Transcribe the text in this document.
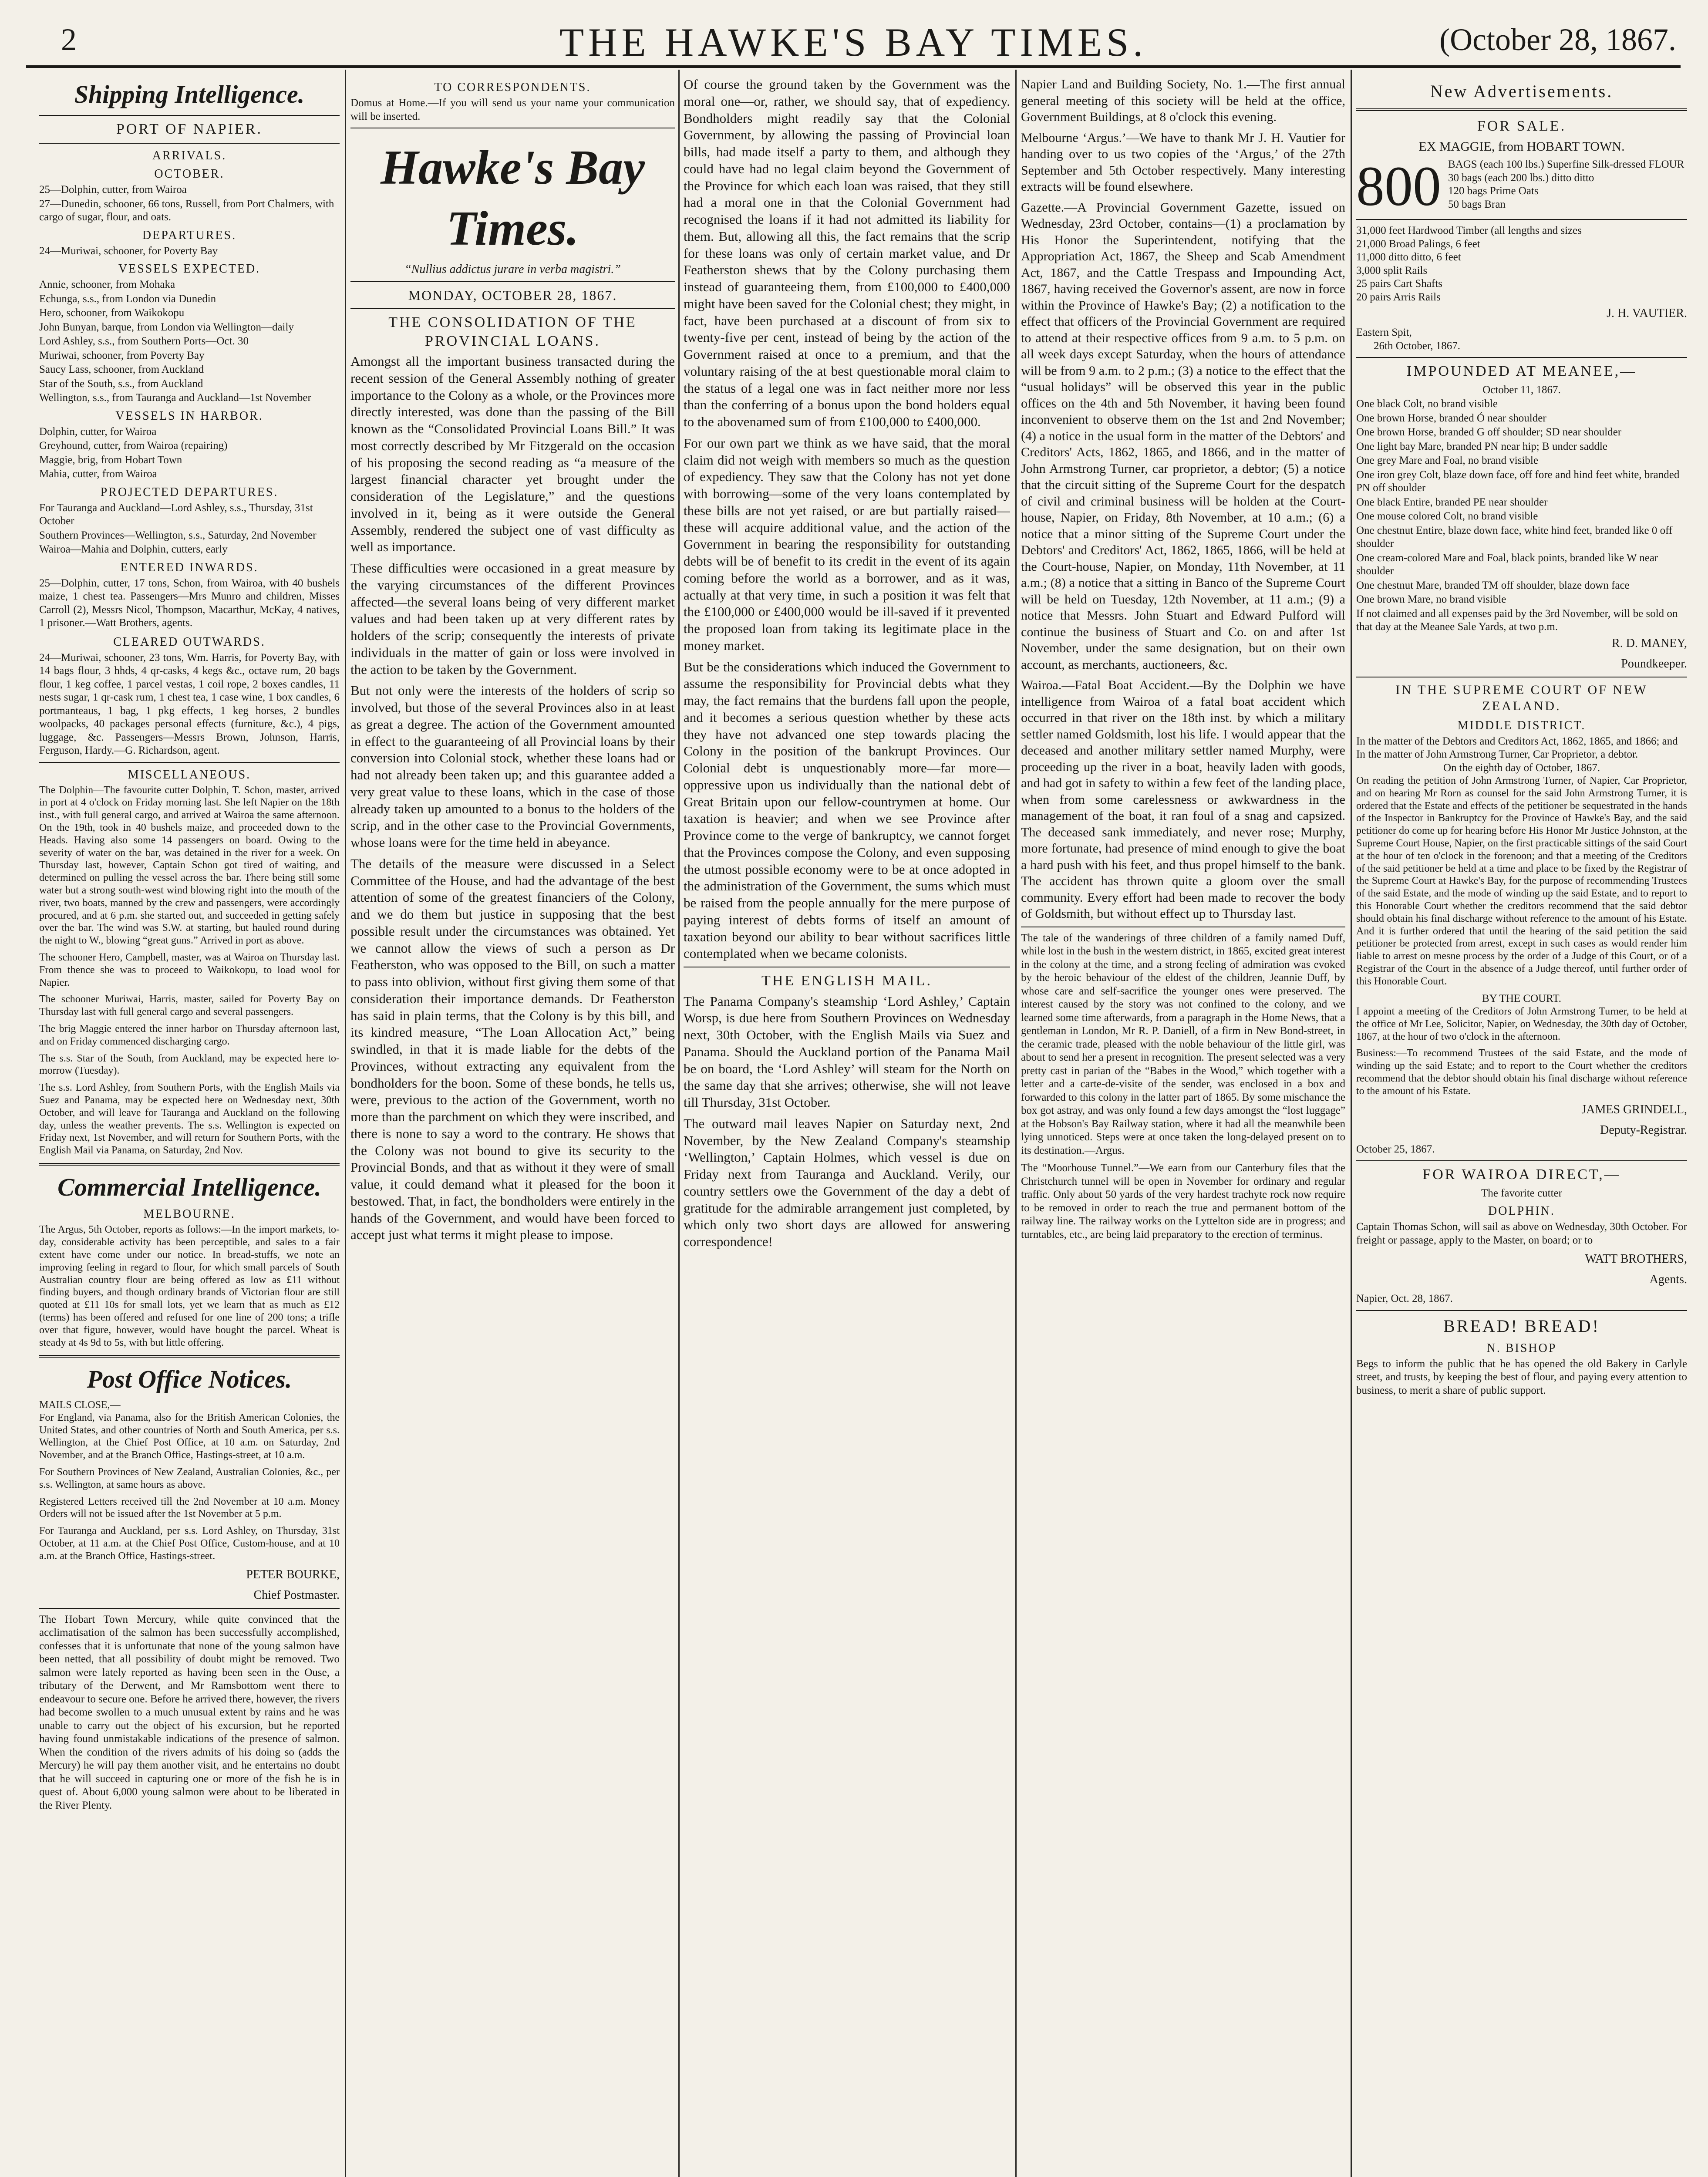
2	THE HAWKE'S BAY TIMES.	(October 28, 1867.
Shipping Intelligence.
PORT OF NAPIER.
ARRIVALS.
OCTOBER.
25—Dolphin, cutter, from Wairoa
27—Dunedin, schooner, 66 tons, Russell, from Port Chalmers, with cargo of sugar, flour, and oats.
DEPARTURES.
24—Muriwai, schooner, for Poverty Bay
VESSELS EXPECTED.
Annie, schooner, from Mohaka
Echunga, s.s., from London via Dunedin
Hero, schooner, from Waikokopu
John Bunyan, barque, from London via Wellington—daily
Lord Ashley, s.s., from Southern Ports—Oct. 30
Muriwai, schooner, from Poverty Bay
Saucy Lass, schooner, from Auckland
Star of the South, s.s., from Auckland
Wellington, s.s., from Tauranga and Auckland—1st November
VESSELS IN HARBOR.
Dolphin, cutter, for Wairoa
Greyhound, cutter, from Wairoa (repairing)
Maggie, brig, from Hobart Town
Mahia, cutter, from Wairoa
PROJECTED DEPARTURES.
For Tauranga and Auckland—Lord Ashley, s.s., Thursday, 31st October
Southern Provinces—Wellington, s.s., Saturday, 2nd November
Wairoa—Mahia and Dolphin, cutters, early
ENTERED INWARDS.

25—Dolphin, cutter, 17 tons, Schon, from Wairoa, with 40 bushels maize, 1 chest tea. Passengers—Mrs Munro and children, Misses Carroll (2), Messrs Nicol, Thompson, Macarthur, McKay, 4 natives, 1 prisoner.—Watt Brothers, agents.

CLEARED OUTWARDS.

24—Muriwai, schooner, 23 tons, Wm. Harris, for Poverty Bay, with 14 bags flour, 3 hhds, 4 qr-casks, 4 kegs &c., octave rum, 20 bags flour, 1 keg coffee, 1 parcel vestas, 1 coil rope, 2 boxes candles, 11 nests sugar, 1 qr-cask rum, 1 chest tea, 1 case wine, 1 box candles, 6 portmanteaus, 1 bag, 1 pkg effects, 1 keg horses, 2 bundles woolpacks, 40 packages personal effects (furniture, &c.), 4 pigs, luggage, &c. Passengers—Messrs Brown, Johnson, Harris, Ferguson, Hardy.—G. Richardson, agent.

MISCELLANEOUS.

The Dolphin—The favourite cutter Dolphin, T. Schon, master, arrived in port at 4 o'clock on Friday morning last. She left Napier on the 18th inst., with full general cargo, and arrived at Wairoa the same afternoon. On the 19th, took in 40 bushels maize, and proceeded down to the Heads. Having also some 14 passengers on board. Owing to the severity of water on the bar, was detained in the river for a week. On Thursday last, however, Captain Schon got tired of waiting, and determined on pulling the vessel across the bar. There being still some water but a strong south-west wind blowing right into the mouth of the river, two boats, manned by the crew and passengers, were accordingly procured, and at 6 p.m. she started out, and succeeded in getting safely over the bar. The wind was S.W. at starting, but hauled round during the night to W., blowing “great guns.” Arrived in port as above.

The schooner Hero, Campbell, master, was at Wairoa on Thursday last. From thence she was to proceed to Waikokopu, to load wool for Napier.

The schooner Muriwai, Harris, master, sailed for Poverty Bay on Thursday last with full general cargo and several passengers.

The brig Maggie entered the inner harbor on Thursday afternoon last, and on Friday commenced discharging cargo.

The s.s. Star of the South, from Auckland, may be expected here to-morrow (Tuesday).

The s.s. Lord Ashley, from Southern Ports, with the English Mails via Suez and Panama, may be expected here on Wednesday next, 30th October, and will leave for Tauranga and Auckland on the following day, unless the weather prevents. The s.s. Wellington is expected on Friday next, 1st November, and will return for Southern Ports, with the English Mail via Panama, on Saturday, 2nd Nov.

Commercial Intelligence.
MELBOURNE.

The Argus, 5th October, reports as follows:—In the import markets, to-day, considerable activity has been perceptible, and sales to a fair extent have come under our notice. In bread-stuffs, we note an improving feeling in regard to flour, for which small parcels of South Australian country flour are being offered as low as £11 without finding buyers, and though ordinary brands of Victorian flour are still quoted at £11 10s for small lots, yet we learn that as much as £12 (terms) has been offered and refused for one line of 200 tons; a trifle over that figure, however, would have bought the parcel. Wheat is steady at 4s 9d to 5s, with but little offering.

Post Office Notices.
MAILS CLOSE,—

For England, via Panama, also for the British American Colonies, the United States, and other countries of North and South America, per s.s. Wellington, at the Chief Post Office, at 10 a.m. on Saturday, 2nd November, and at the Branch Office, Hastings-street, at 10 a.m.

For Southern Provinces of New Zealand, Australian Colonies, &c., per s.s. Wellington, at same hours as above.

Registered Letters received till the 2nd November at 10 a.m. Money Orders will not be issued after the 1st November at 5 p.m.

For Tauranga and Auckland, per s.s. Lord Ashley, on Thursday, 31st October, at 11 a.m. at the Chief Post Office, Custom-house, and at 10 a.m. at the Branch Office, Hastings-street.

PETER BOURKE,
Chief Postmaster.

The Hobart Town Mercury, while quite convinced that the acclimatisation of the salmon has been successfully accomplished, confesses that it is unfortunate that none of the young salmon have been netted, that all possibility of doubt might be removed. Two salmon were lately reported as having been seen in the Ouse, a tributary of the Derwent, and Mr Ramsbottom went there to endeavour to secure one. Before he arrived there, however, the rivers had become swollen to a much unusual extent by rains and he was unable to carry out the object of his excursion, but he reported having found unmistakable indications of the presence of salmon. When the condition of the rivers admits of his doing so (adds the Mercury) he will pay them another visit, and he entertains no doubt that he will succeed in capturing one or more of the fish he is in quest of. About 6,000 young salmon were about to be liberated in the River Plenty.

TO CORRESPONDENTS.

Domus at Home.—If you will send us your name your communication will be inserted.

Hawke's Bay Times.
“Nullius addictus jurare in verba magistri.”
MONDAY, OCTOBER 28, 1867.
THE CONSOLIDATION OF THE PROVINCIAL LOANS.

Amongst all the important business transacted during the recent session of the General Assembly nothing of greater importance to the Colony as a whole, or the Provinces more directly interested, was done than the passing of the Bill known as the “Consolidated Provincial Loans Bill.” It was most correctly described by Mr Fitzgerald on the occasion of his proposing the second reading as “a measure of the largest financial character yet brought under the consideration of the Legislature,” and the questions involved in it, being as it were outside the General Assembly, rendered the subject one of vast difficulty as well as importance.

These difficulties were occasioned in a great measure by the varying circumstances of the different Provinces affected—the several loans being of very different market values and had been taken up at very different rates by holders of the scrip; consequently the interests of private individuals in the matter of gain or loss were involved in the action to be taken by the Government.

But not only were the interests of the holders of scrip so involved, but those of the several Provinces also in at least as great a degree. The action of the Government amounted in effect to the guaranteeing of all Provincial loans by their conversion into Colonial stock, whether these loans had or had not already been taken up; and this guarantee added a very great value to these loans, which in the case of those already taken up amounted to a bonus to the holders of the scrip, and in the other case to the Provincial Governments, whose loans were for the time held in abeyance.

The details of the measure were discussed in a Select Committee of the House, and had the advantage of the best attention of some of the greatest financiers of the Colony, and we do them but justice in supposing that the best possible result under the circumstances was obtained. Yet we cannot allow the views of such a person as Dr Featherston, who was opposed to the Bill, on such a matter to pass into oblivion, without first giving them some of that consideration their importance demands. Dr Featherston has said in plain terms, that the Colony is by this bill, and its kindred measure, “The Loan Allocation Act,” being swindled, in that it is made liable for the debts of the Provinces, without extracting any equivalent from the bondholders for the boon. Some of these bonds, he tells us, were, previous to the action of the Government, worth no more than the parchment on which they were inscribed, and there is none to say a word to the contrary. He shows that the Colony was not bound to give its security to the Provincial Bonds, and that as without it they were of small value, it could demand what it pleased for the boon it bestowed. That, in fact, the bondholders were entirely in the hands of the Government, and would have been forced to accept just what terms it might please to impose.

Of course the ground taken by the Government was the moral one—or, rather, we should say, that of expediency. Bondholders might readily say that the Colonial Government, by allowing the passing of Provincial loan bills, had made itself a party to them, and although they could have had no legal claim beyond the Government of the Province for which each loan was raised, that they still had a moral one in that the Colonial Government had recognised the loans if it had not admitted its liability for them. But, allowing all this, the fact remains that the scrip for these loans was only of certain market value, and Dr Featherston shews that by the Colony purchasing them instead of guaranteeing them, from £100,000 to £400,000 might have been saved for the Colonial chest; they might, in fact, have been purchased at a discount of from six to twenty-five per cent, instead of being by the action of the Government raised at once to a premium, and that the voluntary raising of the at best questionable moral claim to the status of a legal one was in fact neither more nor less than the conferring of a bonus upon the bond holders equal to the abovenamed sum of from £100,000 to £400,000.

For our own part we think as we have said, that the moral claim did not weigh with members so much as the question of expediency. They saw that the Colony has not yet done with borrowing—some of the very loans contemplated by these bills are not yet raised, or are but partially raised—these will acquire additional value, and the action of the Government in bearing the responsibility for outstanding debts will be of benefit to its credit in the event of its again coming before the world as a borrower, and as it was, actually at that very time, in such a position it was felt that the £100,000 or £400,000 would be ill-saved if it prevented the proposed loan from taking its legitimate place in the money market.

But be the considerations which induced the Government to assume the responsibility for Provincial debts what they may, the fact remains that the burdens fall upon the people, and it becomes a serious question whether by these acts they have not advanced one step towards placing the Colony in the position of the bankrupt Provinces. Our Colonial debt is unquestionably more—far more—oppressive upon us individually than the national debt of Great Britain upon our fellow-countrymen at home. Our taxation is heavier; and when we see Province after Province come to the verge of bankruptcy, we cannot forget that the Provinces compose the Colony, and even supposing the utmost possible economy were to be at once adopted in the administration of the Government, the sums which must be raised from the people annually for the mere purpose of paying interest of debts forms of itself an amount of taxation beyond our ability to bear without sacrifices little contemplated when we became colonists.

THE ENGLISH MAIL.

The Panama Company's steamship ‘Lord Ashley,’ Captain Worsp, is due here from Southern Provinces on Wednesday next, 30th October, with the English Mails via Suez and Panama. Should the Auckland portion of the Panama Mail be on board, the ‘Lord Ashley’ will steam for the North on the same day that she arrives; otherwise, she will not leave till Thursday, 31st October.

The outward mail leaves Napier on Saturday next, 2nd November, by the New Zealand Company's steamship ‘Wellington,’ Captain Holmes, which vessel is due on Friday next from Tauranga and Auckland. Verily, our country settlers owe the Government of the day a debt of gratitude for the admirable arrangement just completed, by which only two short days are allowed for answering correspondence!

Napier Land and Building Society, No. 1.—The first annual general meeting of this society will be held at the office, Government Buildings, at 8 o'clock this evening.

Melbourne ‘Argus.’—We have to thank Mr J. H. Vautier for handing over to us two copies of the ‘Argus,’ of the 27th September and 5th October respectively. Many interesting extracts will be found elsewhere.

Gazette.—A Provincial Government Gazette, issued on Wednesday, 23rd October, contains—(1) a proclamation by His Honor the Superintendent, notifying that the Appropriation Act, 1867, the Sheep and Scab Amendment Act, 1867, and the Cattle Trespass and Impounding Act, 1867, having received the Governor's assent, are now in force within the Province of Hawke's Bay; (2) a notification to the effect that officers of the Provincial Government are required to attend at their respective offices from 9 a.m. to 5 p.m. on all week days except Saturday, when the hours of attendance will be from 9 a.m. to 2 p.m.; (3) a notice to the effect that the “usual holidays” will be observed this year in the public offices on the 4th and 5th November, it having been found inconvenient to observe them on the 1st and 2nd November; (4) a notice in the usual form in the matter of the Debtors' and Creditors' Acts, 1862, 1865, and 1866, and in the matter of John Armstrong Turner, car proprietor, a debtor; (5) a notice that the circuit sitting of the Supreme Court for the despatch of civil and criminal business will be holden at the Court-house, Napier, on Friday, 8th November, at 10 a.m.; (6) a notice that a minor sitting of the Supreme Court under the Debtors' and Creditors' Act, 1862, 1865, 1866, will be held at the Court-house, Napier, on Monday, 11th November, at 11 a.m.; (8) a notice that a sitting in Banco of the Supreme Court will be held on Tuesday, 12th November, at 11 a.m.; (9) a notice that Messrs. John Stuart and Edward Pulford will continue the business of Stuart and Co. on and after 1st November, under the same designation, but on their own account, as merchants, auctioneers, &c.

Wairoa.—Fatal Boat Accident.—By the Dolphin we have intelligence from Wairoa of a fatal boat accident which occurred in that river on the 18th inst. by which a military settler named Goldsmith, lost his life. I would appear that the deceased and another military settler named Murphy, were proceeding up the river in a boat, heavily laden with goods, and had got in safety to within a few feet of the landing place, when from some carelessness or awkwardness in the management of the boat, it ran foul of a snag and capsized. The deceased sank immediately, and never rose; Murphy, more fortunate, had presence of mind enough to give the boat a hard push with his feet, and thus propel himself to the bank. The accident has thrown quite a gloom over the small community. Every effort had been made to recover the body of Goldsmith, but without effect up to Thursday last.

The tale of the wanderings of three children of a family named Duff, while lost in the bush in the western district, in 1865, excited great interest in the colony at the time, and a strong feeling of admiration was evoked by the heroic behaviour of the eldest of the children, Jeannie Duff, by whose care and self-sacrifice the younger ones were preserved. The interest caused by the story was not confined to the colony, and we learned some time afterwards, from a paragraph in the Home News, that a gentleman in London, Mr R. P. Daniell, of a firm in New Bond-street, in the ceramic trade, pleased with the noble behaviour of the little girl, was about to send her a present in recognition. The present selected was a very pretty cast in parian of the “Babes in the Wood,” which together with a letter and a carte-de-visite of the sender, was enclosed in a box and forwarded to this colony in the latter part of 1865. By some mischance the box got astray, and was only found a few days amongst the “lost luggage” at the Hobson's Bay Railway station, where it had all the meanwhile been lying unnoticed. Steps were at once taken the long-delayed present on to its destination.—Argus.

The “Moorhouse Tunnel.”—We earn from our Canterbury files that the Christchurch tunnel will be open in November for ordinary and regular traffic. Only about 50 yards of the very hardest trachyte rock now require to be removed in order to reach the true and permanent bottom of the railway line. The railway works on the Lyttelton side are in progress; and turntables, etc., are being laid preparatory to the erection of terminus.

New Advertisements.
FOR SALE.
EX MAGGIE, from HOBART TOWN.
800 BAGS (each 100 lbs.) Superfine Silk-dressed FLOUR
30 bags (each 200 lbs.) ditto ditto
120 bags Prime Oats
50 bags Bran
31,000 feet Hardwood Timber (all lengths and sizes
21,000 Broad Palings, 6 feet
11,000 ditto ditto, 6 feet
3,000 split Rails
25 pairs Cart Shafts
20 pairs Arris Rails
J. H. VAUTIER.
Eastern Spit,
26th October, 1867.
IMPOUNDED AT MEANEE,—
October 11, 1867.
One black Colt, no brand visible
One brown Horse, branded Ó near shoulder
One brown Horse, branded G off shoulder; SD near shoulder
One light bay Mare, branded PN near hip; B under saddle
One grey Mare and Foal, no brand visible
One iron grey Colt, blaze down face, off fore and hind feet white, branded PN off shoulder
One black Entire, branded PE near shoulder
One mouse colored Colt, no brand visible
One chestnut Entire, blaze down face, white hind feet, branded like 0 off shoulder
One cream-colored Mare and Foal, black points, branded like W near shoulder
One chestnut Mare, branded TM off shoulder, blaze down face
One brown Mare, no brand visible
If not claimed and all expenses paid by the 3rd November, will be sold on that day at the Meanee Sale Yards, at two p.m.
R. D. MANEY,
Poundkeeper.
IN THE SUPREME COURT OF NEW ZEALAND.
MIDDLE DISTRICT.
In the matter of the Debtors and Creditors Act, 1862, 1865, and 1866; and
In the matter of John Armstrong Turner, Car Proprietor, a debtor.
On the eighth day of October, 1867.

On reading the petition of John Armstrong Turner, of Napier, Car Proprietor, and on hearing Mr Rorn as counsel for the said John Armstrong Turner, it is ordered that the Estate and effects of the petitioner be sequestrated in the hands of the Inspector in Bankruptcy for the Province of Hawke's Bay, and the said petitioner do come up for hearing before His Honor Mr Justice Johnston, at the Supreme Court House, Napier, on the first practicable sittings of the said Court at the hour of ten o'clock in the forenoon; and that a meeting of the Creditors of the said petitioner be held at a time and place to be fixed by the Registrar of the Supreme Court at Hawke's Bay, for the purpose of recommending Trustees of the said Estate, and the mode of winding up the said Estate, and to report to this Honorable Court whether the creditors recommend that the said debtor should obtain his final discharge without reference to the amount of his Estate. And it is further ordered that until the hearing of the said petition the said petitioner be protected from arrest, except in such cases as would render him liable to arrest on mesne process by the order of a Judge of this Court, or of a Registrar of the Court in the absence of a Judge thereof, until further order of this Honorable Court.

BY THE COURT.

I appoint a meeting of the Creditors of John Armstrong Turner, to be held at the office of Mr Lee, Solicitor, Napier, on Wednesday, the 30th day of October, 1867, at the hour of two o'clock in the afternoon.

Business:—To recommend Trustees of the said Estate, and the mode of winding up the said Estate; and to report to the Court whether the creditors recommend that the debtor should obtain his final discharge without reference to the amount of his Estate.

JAMES GRINDELL,
Deputy-Registrar.
October 25, 1867.
FOR WAIROA DIRECT,—
The favorite cutter
DOLPHIN.

Captain Thomas Schon, will sail as above on Wednesday, 30th October. For freight or passage, apply to the Master, on board; or to

WATT BROTHERS,
Agents.
Napier, Oct. 28, 1867.
BREAD! BREAD!
N. BISHOP

Begs to inform the public that he has opened the old Bakery in Carlyle street, and trusts, by keeping the best of flour, and paying every attention to business, to merit a share of public support.
